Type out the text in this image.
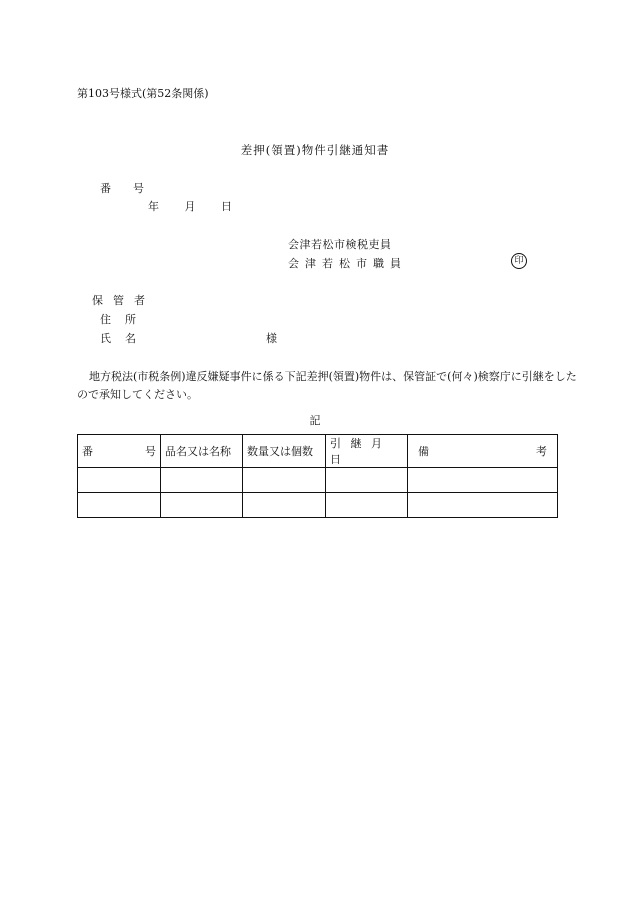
第103号様式(第52条関係)
差押(領置)物件引継通知書
番 号
年 月 日
会津若松市検税吏員
会津若松市職員	印
保管者
住所
氏名	様
地方税法(市税条例)違反嫌疑事件に係る下記差押(領置)物件は、保管証で(何々)検察庁に引継をしたので承知してください。
記
番 号	品名又は名称	数量又は個数	引 継 月 日	備 考
